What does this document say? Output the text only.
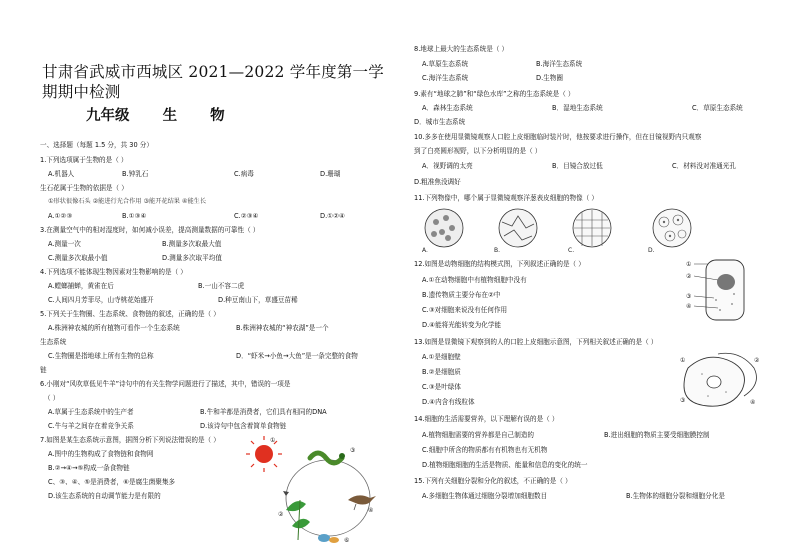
甘肃省武威市西城区 2021—2022 学年度第一学期期中检测
九年级 生 物
一、选择题（每题 1.5 分，共 30 分）
1.下列选项属于生物的是（ ）
A.机器人	B.钟乳石	C.病毒	D.珊瑚
生石花属于生物的依据是（ ）
①形状很像石头 ②能进行光合作用 ③能开花结果 ④能生长
A.①②③	B.①③④	C.②③④	D.①②④
3.在测量空气中的相对湿度时，如何减小误差，提高测量数据的可靠性（ ）
A.测量一次	B.测量多次取最大值
C.测量多次取最小值	D.测量多次取平均值
4.下列选项不能体现生物因素对生物影响的是（ ）
A.螳螂捕蝉，黄雀在后	B.一山不容二虎
C.人间四月芳菲尽，山寺桃花始盛开	D.种豆南山下，草盛豆苗稀
5.下列关于生物圈、生态系统、食物链的叙述，正确的是（ ）
A.株洲神农城的所有植物可看作一个生态系统	B.株洲神农城的“神农湖”是一个
生态系统
C.生物圈是指地球上所有生物的总称	D．“虾米→小鱼→大鱼”是一条完整的食物
链
6.小刚对“风吹草低见牛羊”诗句中的有关生物学问题进行了描述，其中，错误的一项是
（ ）
A.草属于生态系统中的生产者	B.牛和羊都是消费者，它们具有相同的DNA
C.牛与羊之间存在着竞争关系	D.该诗句中包含着简单食物链
7.如图是某生态系统示意图，据图分析下列说法错误的是（ ）
A.图中的生物构成了食物链和食物网
B.②→④→⑤构成一条食物链
C、③、④、⑤是消费者，⑥是腐生菌聚集多
D.该生态系统的自动调节能力是有限的
①
③
②
④
⑥
8.地球上最大的生态系统是（ ）
A.草原生态系统	B.海洋生态系统
C.海洋生态系统	D.生物圈
9.素有“地球之肺”和“绿色水库”之称的生态系统是（ ）
A．森林生态系统	B．湿地生态系统	C．草原生态系统
D．城市生态系统
10.多多在使用显微镜观察人口腔上皮细胞临时装片时，他按要求进行操作，但在目镜视野内只观察
到了白亮圆形视野，以下分析明显的是（ ）
A．视野调的太亮	B．目镜合放过低	C．材料没对准通光孔
D.粗准焦没调好
11.下列物像中，哪个属于显微镜观察洋葱表皮细胞的物像（ ）
A.	B.	C.	D.
12.如图是动物细胞的结构模式图，下列叙述正确的是（ ）
A.①在动物细胞中有植物细胞中没有
B.遗传物质主要分布在②中
C.③对细胞来说没有任何作用
D.④能将光能转变为化学能
①
②
③
④
13.如图是显微镜下观察到的人的口腔上皮细胞示意图，下列相关叙述正确的是（ ）
A.①是细胞壁
B.②是细胞质
C.③是叶绿体
D.④内含有线粒体
①	②
③	④
14.细胞的生活需要营养，以下理解有误的是（ ）
A.植物细胞需要的营养都是自己制造的	B.进出细胞的物质主要受细胞膜控制
C.细胞中所含的物质都有有机物也有无机物
D.植物细胞细胞的生活是物质、能量和信息的变化的统一
15.下列有关细胞分裂和分化的叙述，不正确的是（ ）
A.多细胞生物体通过细胞分裂增加细胞数目	B.生物体的细胞分裂和细胞分化是
